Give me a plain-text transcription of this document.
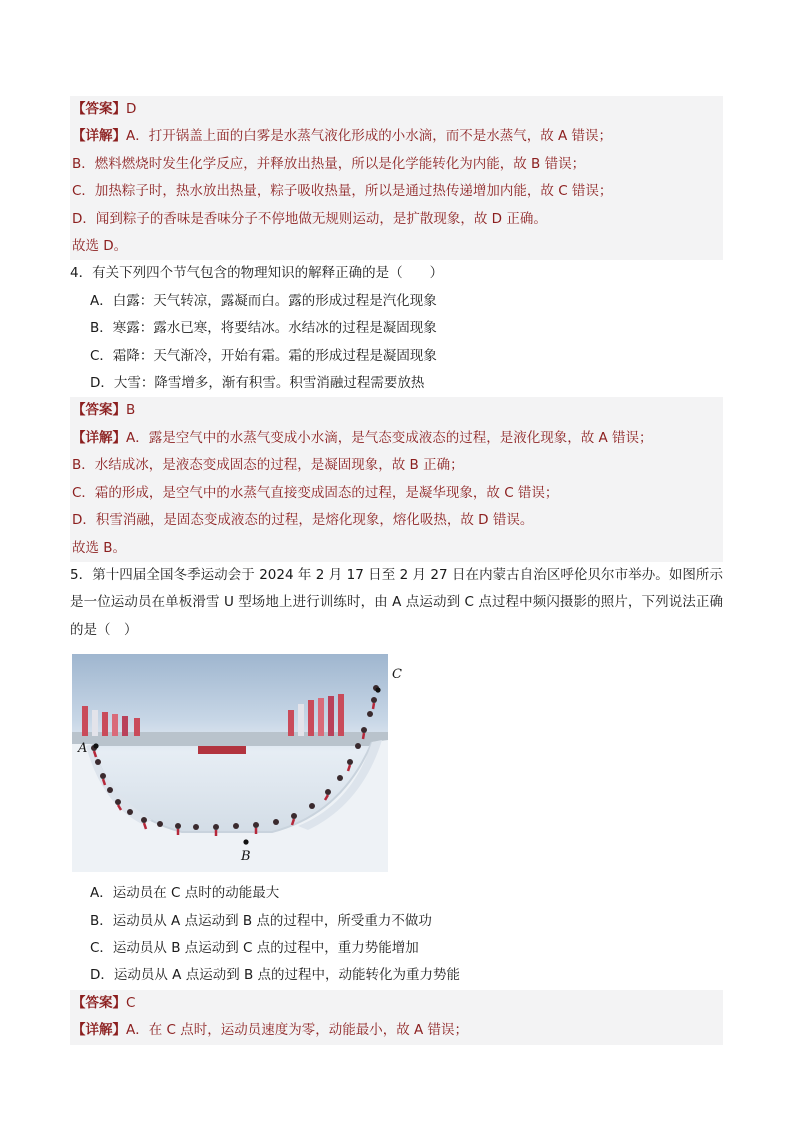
【答案】D
【详解】A．打开锅盖上面的白雾是水蒸气液化形成的小水滴，而不是水蒸气，故 A 错误；
B．燃料燃烧时发生化学反应，并释放出热量，所以是化学能转化为内能，故 B 错误；
C．加热粽子时，热水放出热量，粽子吸收热量，所以是通过热传递增加内能，故 C 错误；
D．闻到粽子的香味是香味分子不停地做无规则运动，是扩散现象，故 D 正确。
故选 D。
4．有关下列四个节气包含的物理知识的解释正确的是（　　）
A．白露：天气转凉，露凝而白。露的形成过程是汽化现象
B．寒露：露水已寒，将要结冰。水结冰的过程是凝固现象
C．霜降：天气渐冷，开始有霜。霜的形成过程是凝固现象
D．大雪：降雪增多，渐有积雪。积雪消融过程需要放热
【答案】B
【详解】A．露是空气中的水蒸气变成小水滴，是气态变成液态的过程，是液化现象，故 A 错误；
B．水结成冰，是液态变成固态的过程，是凝固现象，故 B 正确；
C．霜的形成，是空气中的水蒸气直接变成固态的过程，是凝华现象，故 C 错误；
D．积雪消融，是固态变成液态的过程，是熔化现象，熔化吸热，故 D 错误。
故选 B。
5．第十四届全国冬季运动会于 2024 年 2 月 17 日至 2 月 27 日在内蒙古自治区呼伦贝尔市举办。如图所示是一位运动员在单板滑雪 U 型场地上进行训练时，由 A 点运动到 C 点过程中频闪摄影的照片，下列说法正确的是（　）
A
B
C
A．运动员在 C 点时的动能最大
B．运动员从 A 点运动到 B 点的过程中，所受重力不做功
C．运动员从 B 点运动到 C 点的过程中，重力势能增加
D．运动员从 A 点运动到 B 点的过程中，动能转化为重力势能
【答案】C
【详解】A．在 C 点时，运动员速度为零，动能最小，故 A 错误；
